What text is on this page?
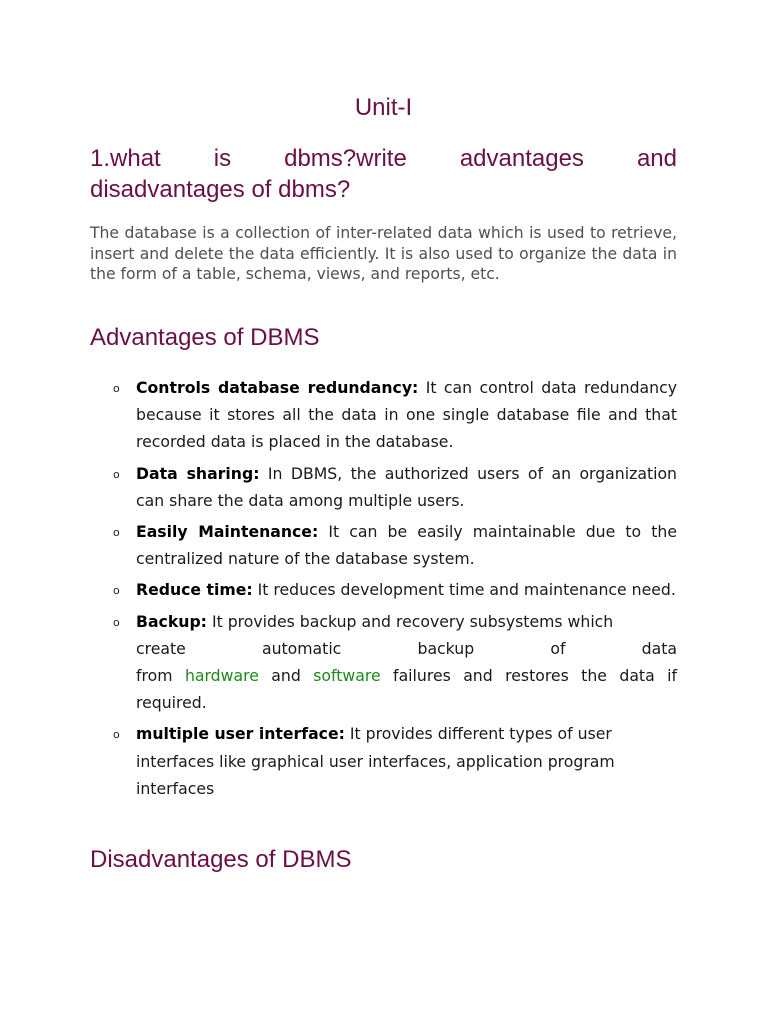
Unit-I
1.what is dbms?write advantages and
disadvantages of dbms?

The database is a collection of inter-related data which is used to retrieve, insert and delete the data efficiently. It is also used to organize the data in the form of a table, schema, views, and reports, etc.

Advantages of DBMS
o Controls database redundancy: It can control data redundancy because it stores all the data in one single database file and that recorded data is placed in the database.
o Data sharing: In DBMS, the authorized users of an organization can share the data among multiple users.
o Easily Maintenance: It can be easily maintainable due to the centralized nature of the database system.
o Reduce time: It reduces development time and maintenance need.
o Backup: It provides backup and recovery subsystems which
create automatic backup of data
from hardware and software failures and restores the data if required.
o multiple user interface: It provides different types of user interfaces like graphical user interfaces, application program interfaces
Disadvantages of DBMS
